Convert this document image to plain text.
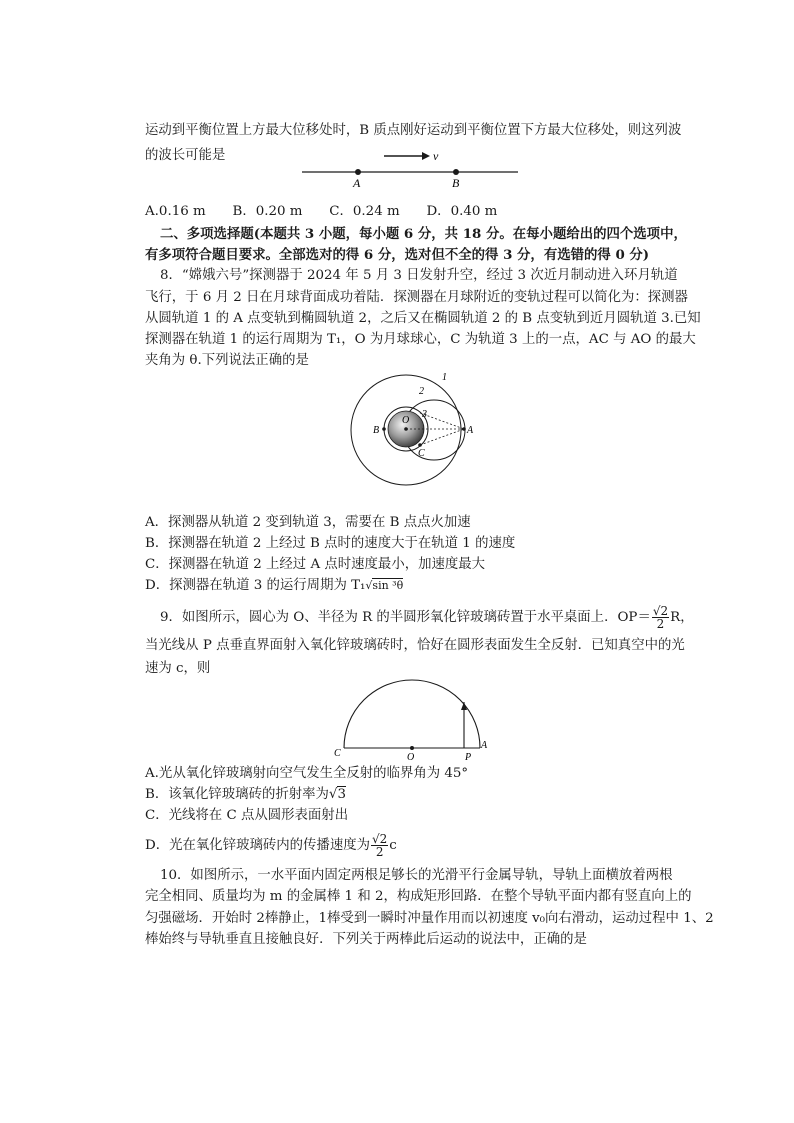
运动到平衡位置上方最大位移处时，B 质点刚好运动到平衡位置下方最大位移处，则这列波
的波长可能是	v
A	B
A.0.16 m　　B．0.20 m　　C．0.24 m　　D．0.40 m
二、多项选择题(本题共 3 小题，每小题 6 分，共 18 分。在每小题给出的四个选项中，
有多项符合题目要求。全部选对的得 6 分，选对但不全的得 3 分，有选错的得 0 分)
8．“嫦娥六号”探测器于 2024 年 5 月 3 日发射升空，经过 3 次近月制动进入环月轨道
飞行，于 6 月 2 日在月球背面成功着陆．探测器在月球附近的变轨过程可以简化为：探测器
从圆轨道 1 的 A 点变轨到椭圆轨道 2，之后又在椭圆轨道 2 的 B 点变轨到近月圆轨道 3.已知
探测器在轨道 1 的运行周期为 T₁，O 为月球球心，C 为轨道 3 上的一点，AC 与 AO 的最大
夹角为 θ.下列说法正确的是
1
2
3
O
B	A
C
A．探测器从轨道 2 变到轨道 3，需要在 B 点点火加速
B．探测器在轨道 2 上经过 B 点时的速度大于在轨道 1 的速度
C．探测器在轨道 2 上经过 A 点时速度最小，加速度最大
D．探测器在轨道 3 的运行周期为 T₁√sin ³θ
9．如图所示，圆心为 O、半径为 R 的半圆形氧化锌玻璃砖置于水平桌面上．$OP= \frac{√2}{2}$ R，
当光线从 P 点垂直界面射入氧化锌玻璃砖时，恰好在圆形表面发生全反射．已知真空中的光
速为 c，则
C	O	P
A
A.光从氧化锌玻璃射向空气发生全反射的临界角为 45°
B．该氧化锌玻璃砖的折射率为√3
C．光线将在 C 点从圆形表面射出
D．光在氧化锌玻璃砖内的传播速度为 $\frac{√2}{2}$ c
10．如图所示，一水平面内固定两根足够长的光滑平行金属导轨，导轨上面横放着两根
完全相同、质量均为 m 的金属棒 1 和 2，构成矩形回路．在整个导轨平面内都有竖直向上的
匀强磁场．开始时 2棒静止，1棒受到一瞬时冲量作用而以初速度 v₀向右滑动，运动过程中 1、2
棒始终与导轨垂直且接触良好．下列关于两棒此后运动的说法中，正确的是
